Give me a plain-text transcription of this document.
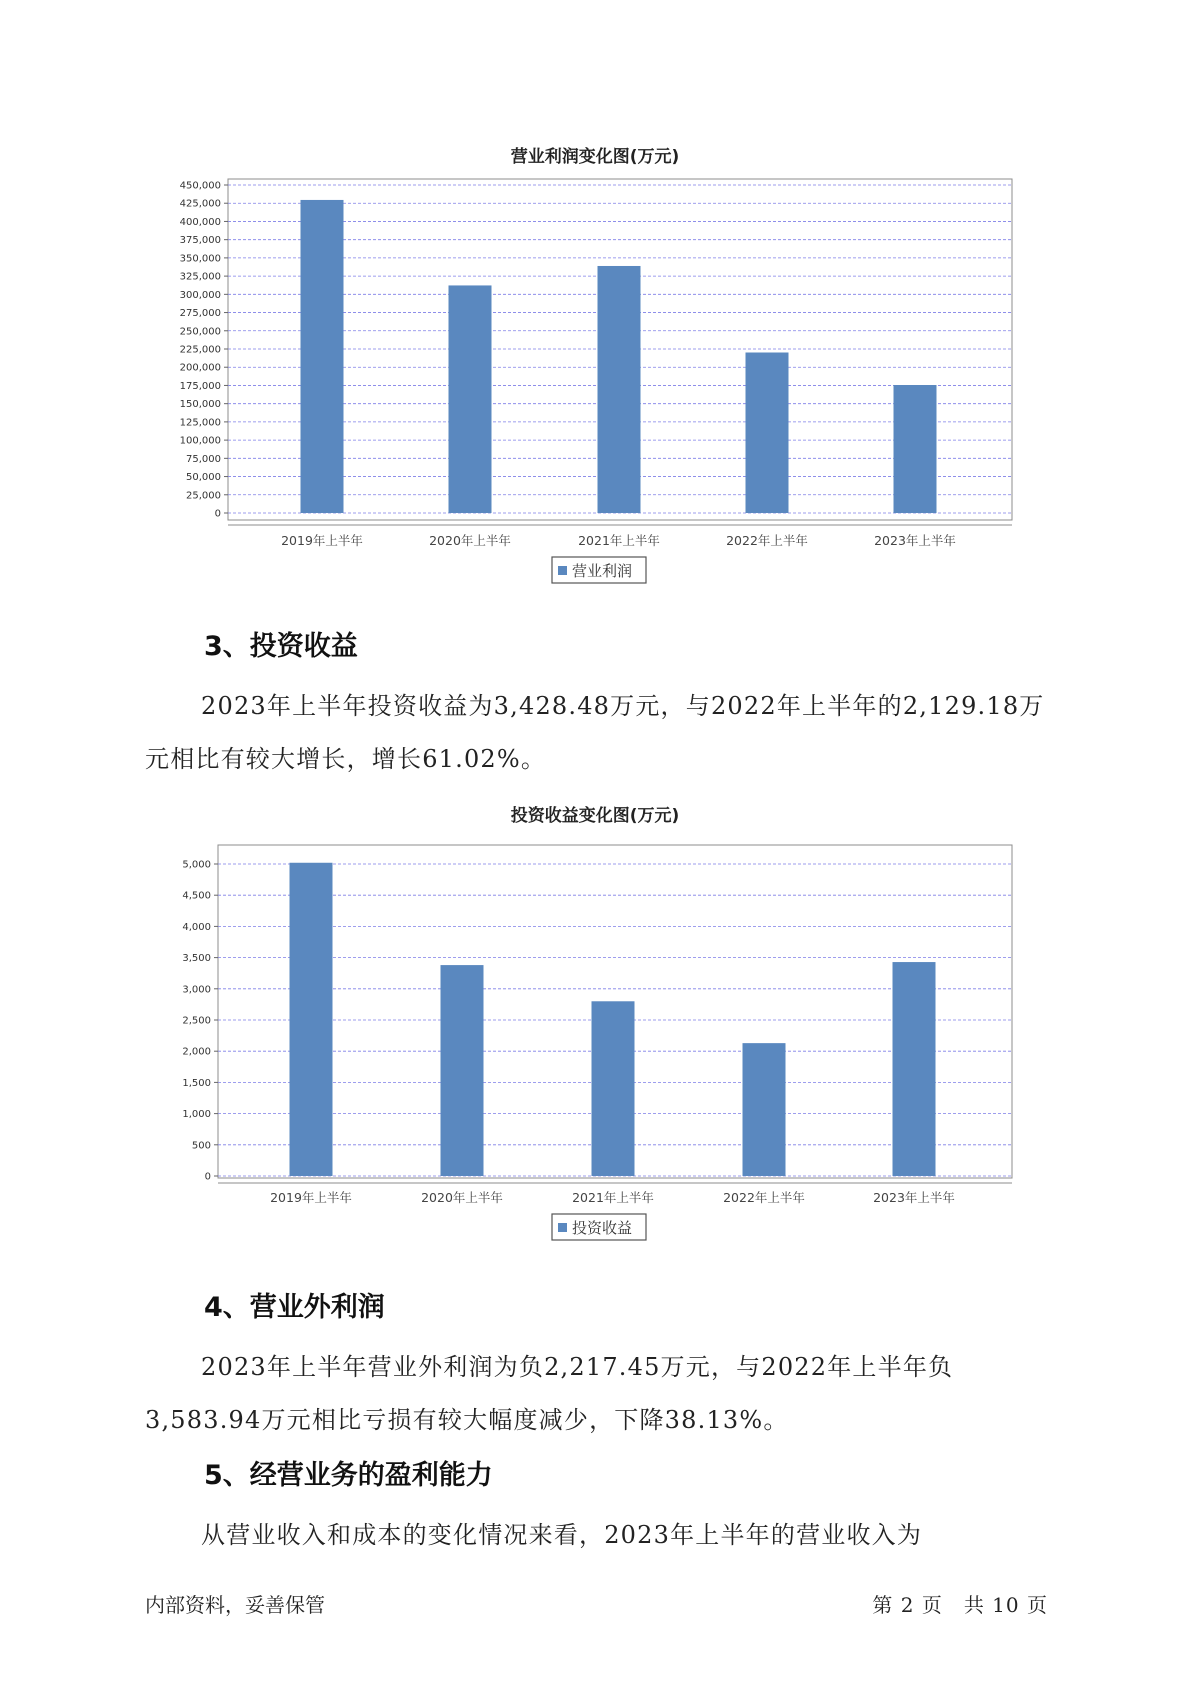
营业利润变化图(万元)
0
25,000
50,000
75,000
100,000
125,000
150,000
175,000
200,000
225,000
250,000
275,000
300,000
325,000
350,000
375,000
400,000
425,000
450,000
2019年上半年	2020年上半年	2021年上半年	2022年上半年	2023年上半年
营业利润
3、投资收益

2023年上半年投资收益为3,428.48万元，与2022年上半年的2,129.18万元相比有较大增长，增长61.02%。

投资收益变化图(万元)
0
500
1,000
1,500
2,000
2,500
3,000
3,500
4,000
4,500
5,000
2019年上半年	2020年上半年	2021年上半年	2022年上半年	2023年上半年
投资收益
4、营业外利润

2023年上半年营业外利润为负2,217.45万元，与2022年上半年负3,583.94万元相比亏损有较大幅度减少，下降38.13%。

5、经营业务的盈利能力

从营业收入和成本的变化情况来看，2023年上半年的营业收入为

内部资料，妥善保管	第 2 页　共 10 页
